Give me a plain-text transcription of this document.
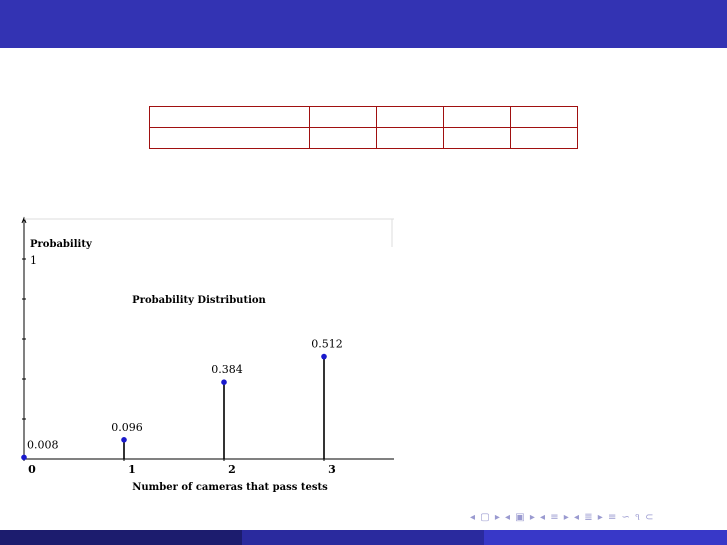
Probability Distribution
Probability
1
Number of cameras that pass tests
0	1	2	3
0.008
0.096
0.384
0.512
◂ ▢ ▸ ◂ ▣ ▸ ◂ ≡ ▸ ◂ ≣ ▸ ≡ ∽ ૧ ⊂
